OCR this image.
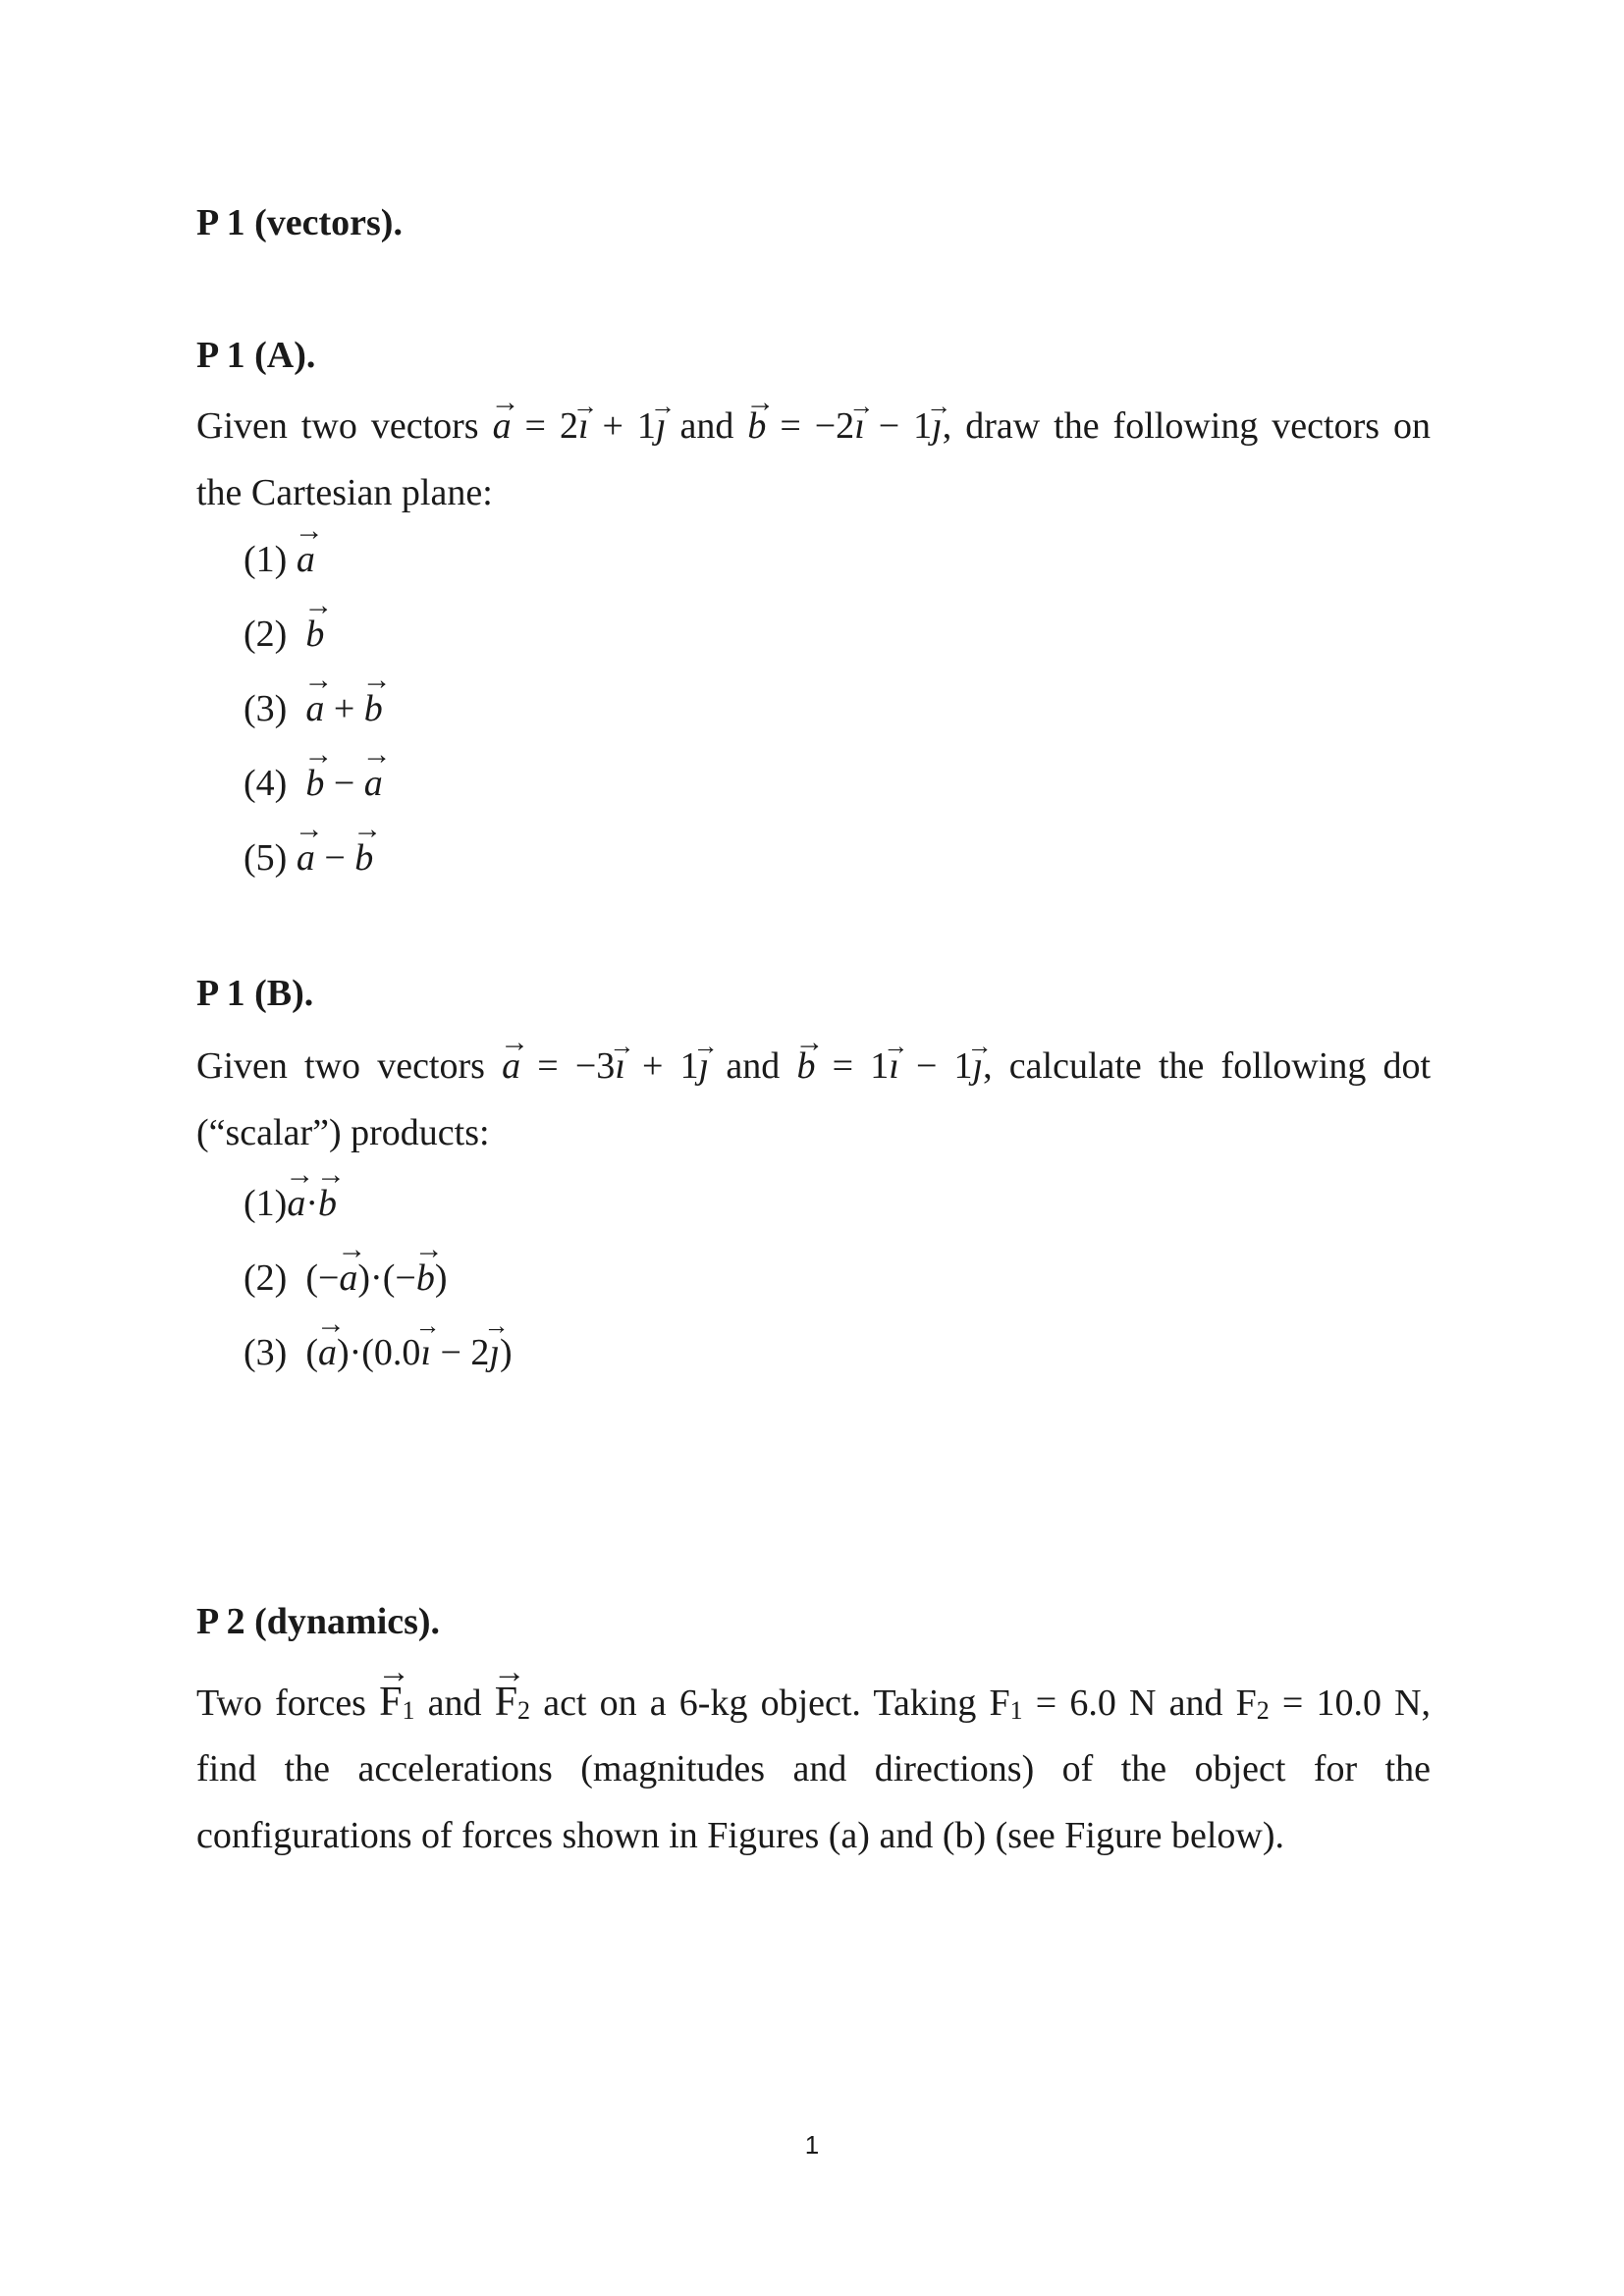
P 1 (vectors).
P 1 (A).
Given two vectors a → = 2ı → + 1ȷ → and b → = −2ı → − 1ȷ →, draw the following vectors on
the Cartesian plane:
(1) a →
(2) b →
(3) a → + b →
(4) b → − a →
(5) a → − b →
P 1 (B).
Given two vectors a → = −3ı → + 1ȷ → and b → = 1ı → − 1ȷ →, calculate the following dot
(“scalar”) products:
(1)a →·b →
(2)  (−a →)·(−b →)
(3)  (a →)·(0.0ı → − 2ȷ →)
P 2 (dynamics).
Two forces $F \to_1$ and $F \to_2$ act on a 6-kg object. Taking $F_1 = 6.0$ N and $F_2 = 10.0$ N,
find the accelerations (magnitudes and directions) of the object for the
configurations of forces shown in Figures (a) and (b) (see Figure below).
1
